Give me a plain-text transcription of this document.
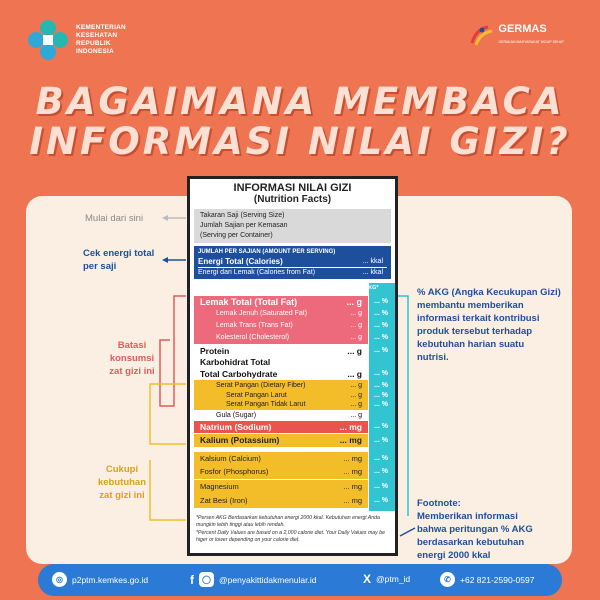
KEMENTERIAN
KESEHATAN
REPUBLIK
INDONESIA
GERMAS
GERAKAN MASYARAKAT HIDUP SEHAT
BAGAIMANA MEMBACA
INFORMASI NILAI GIZI?
INFORMASI NILAI GIZI
(Nutrition Facts)
Takaran Saji (Serving Size)
Jumlah Sajian per Kemasan
(Serving per Container)
JUMLAH PER SAJIAN (AMOUNT PER SERVING)
Energi Total (Calories)	... kkal
Energi dari Lemak (Calories from Fat)	... kkal
% AKG*
Lemak Total (Total Fat)	... g ... %
Lemak Jenuh (Saturated Fat)	... g ... %
Lemak Trans (Trans Fat)	... g ... %
Kolesterol (Cholesterol)	... g ... %
Protein	... g ... %
Karbohidrat Total
Total Carbohydrate	... g ... %
Serat Pangan (Dietary Fiber)	... g ... %
Serat Pangan Larut	... g ... %
Serat Pangan Tidak Larut	... g ... %
Gula (Sugar)	... g
Natrium (Sodium)	... mg ... %
Kalium (Potassium)	... mg ... %
Kalsium (Calcium)	... mg ... %
Fosfor (Phosphorus)	... mg ... %
Magnesium	... mg ... %
Zat Besi (Iron)	... mg ... %
*Persen AKG Berdasarkan kebutuhan energi 2000 kkal. Kebutuhan energi Anda mungkin lebih tinggi atau lebih rendah.
*Percent Daily Values are based on a 2,000 calorie diet. Your Daily Values may be higer or lower depending on your calorie diet.
Mulai dari sini
Cek energi total
per saji
Batasi
konsumsi
zat gizi ini
Cukupi
kebutuhan
zat gizi ini
% AKG (Angka Kecukupan Gizi)
membantu memberikan
informasi terkait kontribusi
produk tersebut terhadap
kebutuhan harian suatu
nutrisi.
Footnote:
Memberikan informasi
bahwa peritungan % AKG
berdasarkan kebutuhan
energi 2000 kkal
◎	p2ptm.kemkes.go.id	f	◯ @penyakittidakmenular.id	X @ptm_id	✆	+62 821-2590-0597
